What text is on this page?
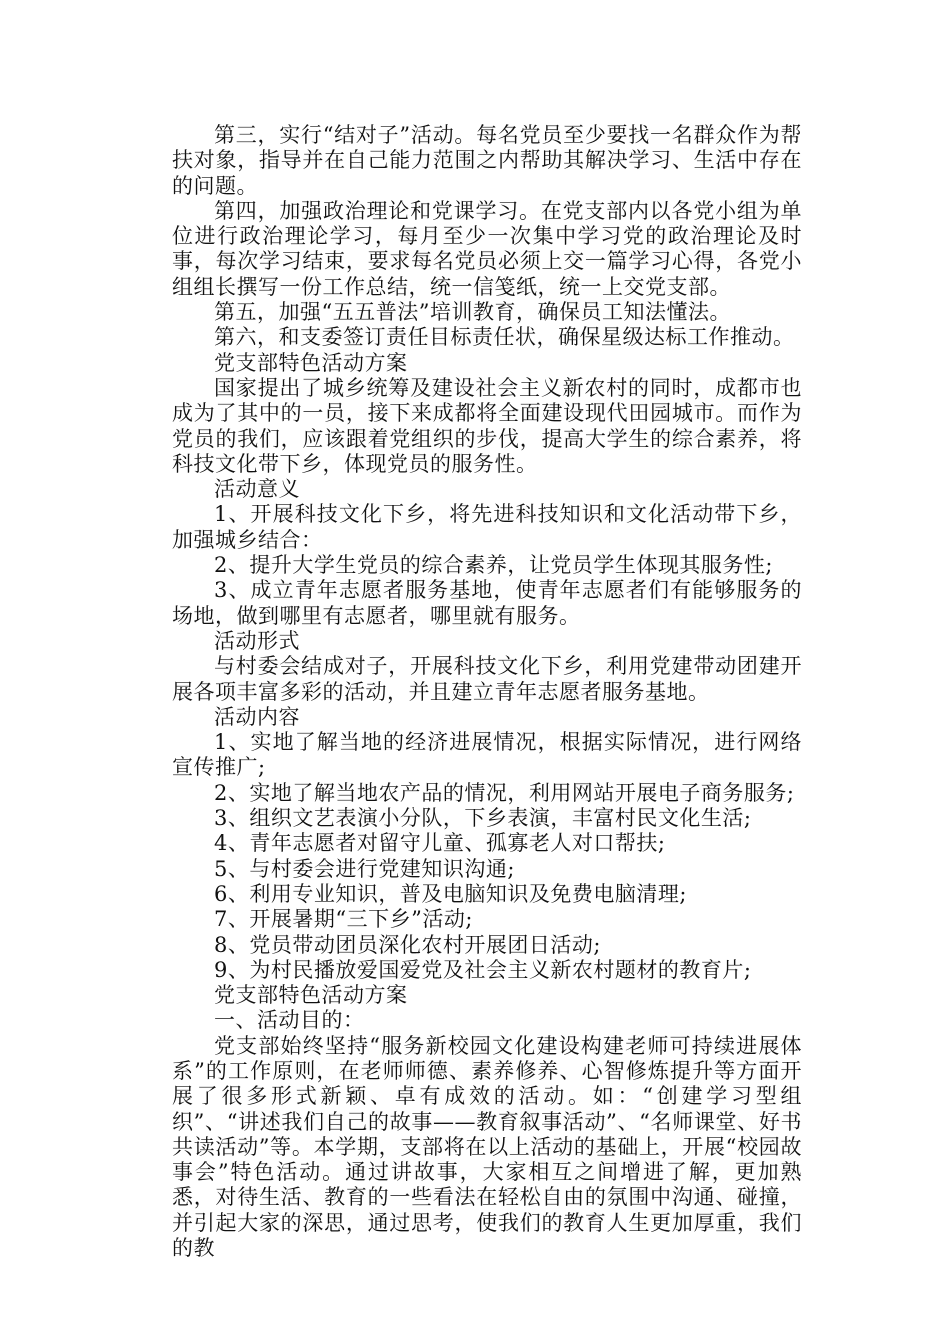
第三，实行“结对子”活动。每名党员至少要找一名群众作为帮扶对象，指导并在自己能力范围之内帮助其解决学习、生活中存在的问题。

第四，加强政治理论和党课学习。在党支部内以各党小组为单位进行政治理论学习，每月至少一次集中学习党的政治理论及时事，每次学习结束，要求每名党员必须上交一篇学习心得，各党小组组长撰写一份工作总结，统一信笺纸，统一上交党支部。

第五，加强“五五普法”培训教育，确保员工知法懂法。

第六，和支委签订责任目标责任状，确保星级达标工作推动。

党支部特色活动方案

国家提出了城乡统筹及建设社会主义新农村的同时，成都市也成为了其中的一员，接下来成都将全面建设现代田园城市。而作为党员的我们，应该跟着党组织的步伐，提高大学生的综合素养，将科技文化带下乡，体现党员的服务性。

活动意义

1、开展科技文化下乡，将先进科技知识和文化活动带下乡，加强城乡结合：

2、提升大学生党员的综合素养，让党员学生体现其服务性;

3、成立青年志愿者服务基地，使青年志愿者们有能够服务的场地，做到哪里有志愿者，哪里就有服务。

活动形式

与村委会结成对子，开展科技文化下乡，利用党建带动团建开展各项丰富多彩的活动，并且建立青年志愿者服务基地。

活动内容

1、实地了解当地的经济进展情况，根据实际情况，进行网络宣传推广;

2、实地了解当地农产品的情况，利用网站开展电子商务服务;

3、组织文艺表演小分队，下乡表演，丰富村民文化生活;

4、青年志愿者对留守儿童、孤寡老人对口帮扶;

5、与村委会进行党建知识沟通;

6、利用专业知识，普及电脑知识及免费电脑清理;

7、开展暑期“三下乡”活动;

8、党员带动团员深化农村开展团日活动;

9、为村民播放爱国爱党及社会主义新农村题材的教育片;

党支部特色活动方案

一、活动目的：

党支部始终坚持“服务新校园文化建设构建老师可持续进展体系”的工作原则，在老师师德、素养修养、心智修炼提升等方面开展了很多形式新颖、卓有成效的活动。如：“创建学习型组织”、“讲述我们自己的故事——教育叙事活动”、“名师课堂、好书共读活动”等。本学期，支部将在以上活动的基础上，开展“校园故事会”特色活动。通过讲故事，大家相互之间增进了解，更加熟悉，对待生活、教育的一些看法在轻松自由的氛围中沟通、碰撞，并引起大家的深思，通过思考，使我们的教育人生更加厚重，我们的教
